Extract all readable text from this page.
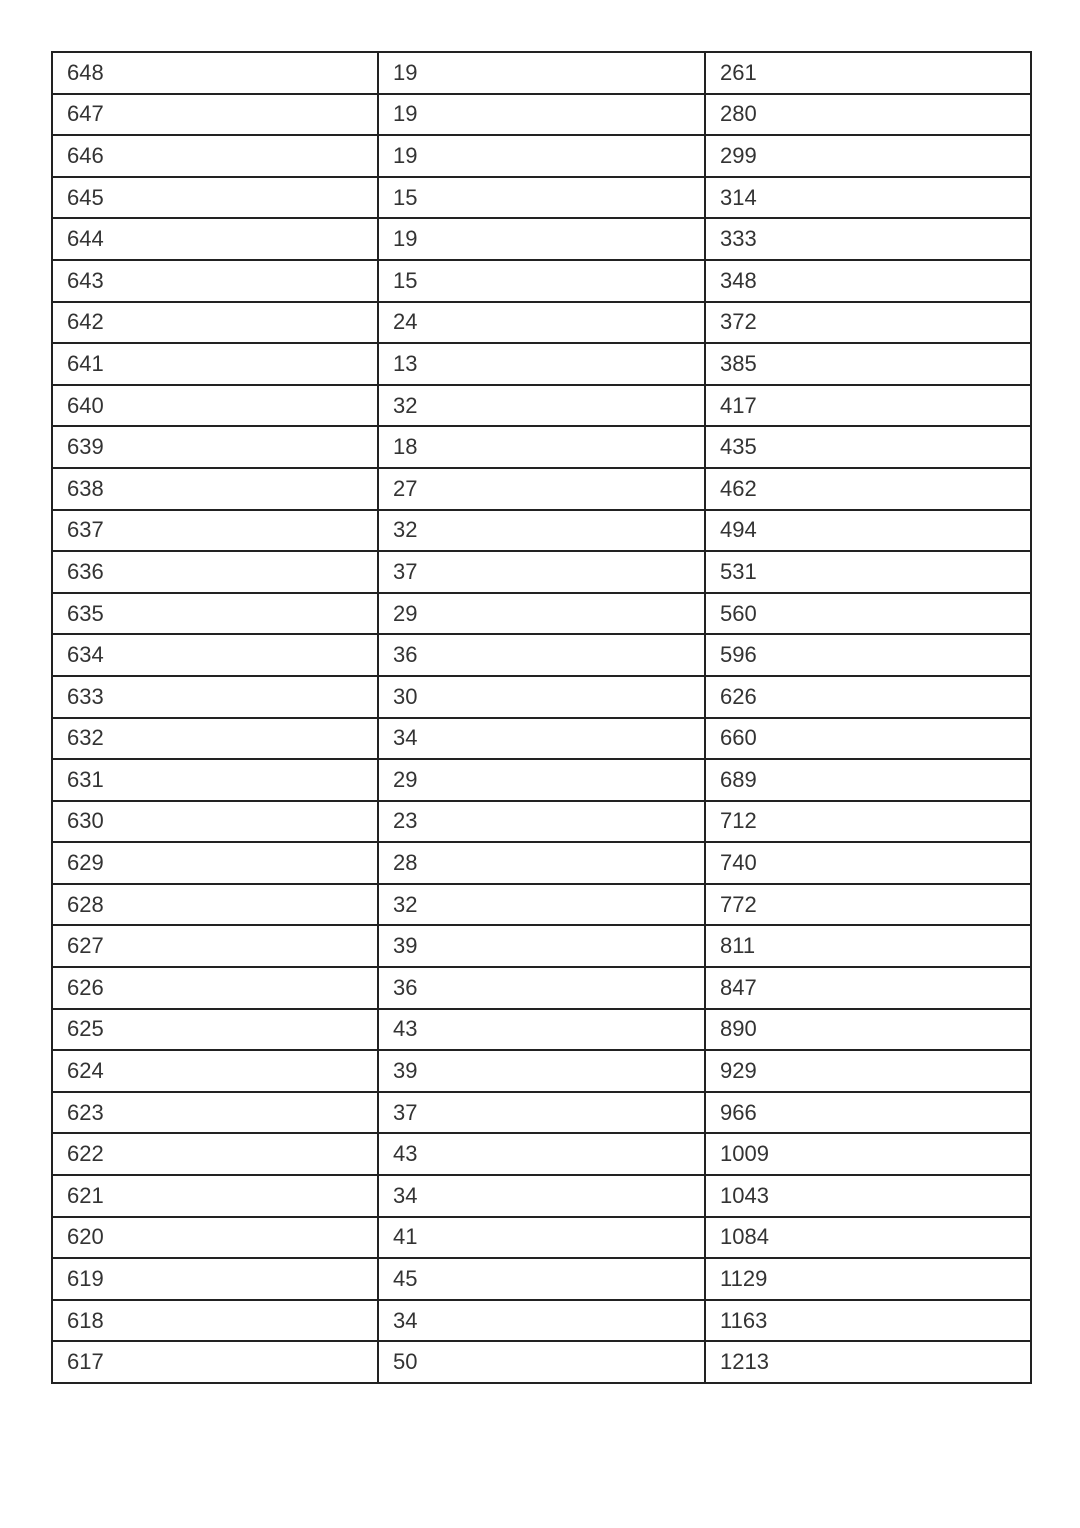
648	19	261
647	19	280
646	19	299
645	15	314
644	19	333
643	15	348
642	24	372
641	13	385
640	32	417
639	18	435
638	27	462
637	32	494
636	37	531
635	29	560
634	36	596
633	30	626
632	34	660
631	29	689
630	23	712
629	28	740
628	32	772
627	39	811
626	36	847
625	43	890
624	39	929
623	37	966
622	43	1009
621	34	1043
620	41	1084
619	45	1129
618	34	1163
617	50	1213
